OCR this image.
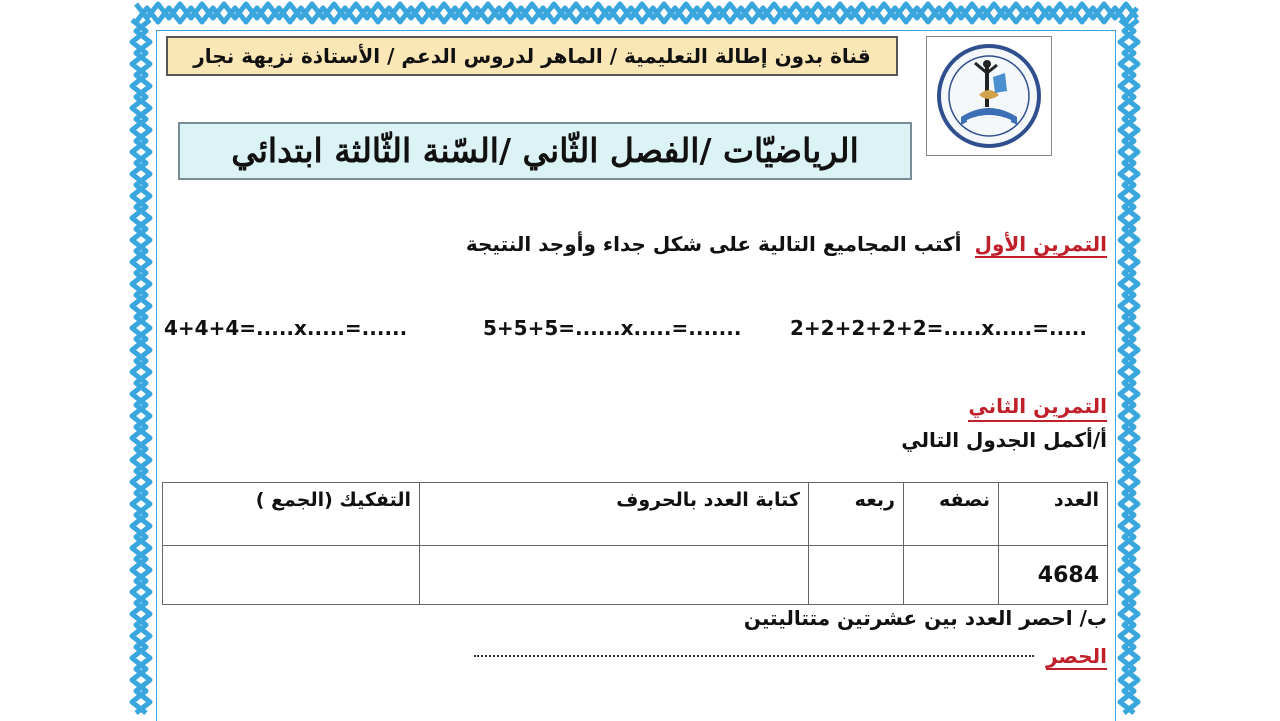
قناة بدون إطالة التعليمية / الماهر لدروس الدعم / الأستاذة نزيهة نجار
الرياضيّات /الفصل الثّاني /السّنة الثّالثة ابتدائي
التمرين الأول أكتب المجاميع التالية على شكل جداء وأوجد النتيجة
2+2+2+2+2=.....x.....=.....
5+5+5=......x.....=.......
4+4+4=.....x.....=......
التمرين الثاني
أ/أكمل الجدول التالي
العدد	نصفه	ربعه	كتابة العدد بالحروف	التفكيك (الجمع )
4684				
ب/ احصر العدد بين عشرتين متتاليتين
الحصر
